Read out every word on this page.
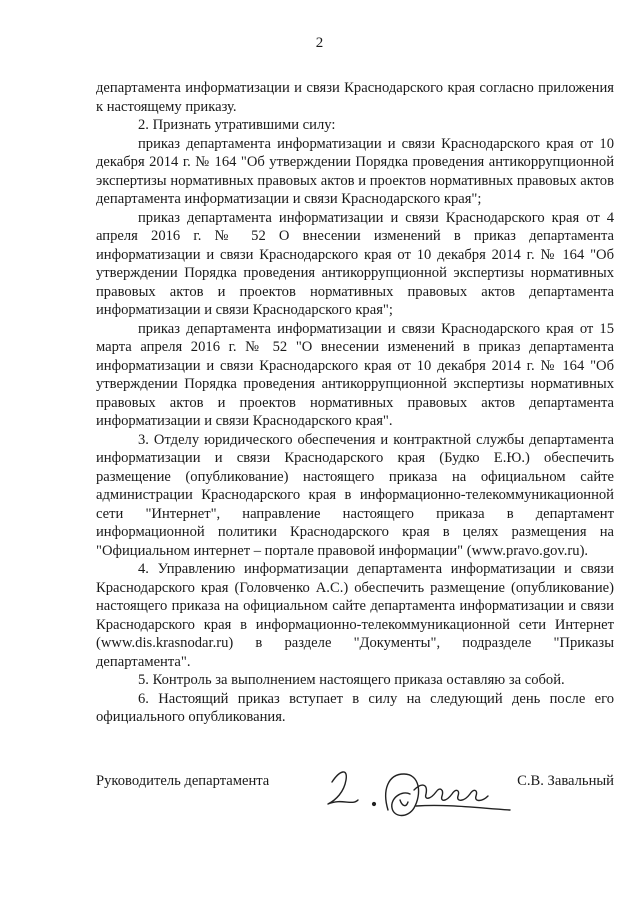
2

департамента информатизации и связи Краснодарского края согласно приложения к настоящему приказу.

2. Признать утратившими силу:

приказ департамента информатизации и связи Краснодарского края от 10 декабря 2014 г. № 164 "Об утверждении Порядка проведения антикоррупционной экспертизы нормативных правовых актов и проектов нормативных правовых актов департамента информатизации и связи Краснодарского края";

приказ департамента информатизации и связи Краснодарского края от 4 апреля 2016 г. № 52 О внесении изменений в приказ департамента информатизации и связи Краснодарского края от 10 декабря 2014 г. № 164 "Об утверждении Порядка проведения антикоррупционной экспертизы нормативных правовых актов и проектов нормативных правовых актов департамента информатизации и связи Краснодарского края";

приказ департамента информатизации и связи Краснодарского края от 15 марта апреля 2016 г. № 52 "О внесении изменений в приказ департамента информатизации и связи Краснодарского края от 10 декабря 2014 г. № 164 "Об утверждении Порядка проведения антикоррупционной экспертизы нормативных правовых актов и проектов нормативных правовых актов департамента информатизации и связи Краснодарского края".

3. Отделу юридического обеспечения и контрактной службы департамента информатизации и связи Краснодарского края (Будко Е.Ю.) обеспечить размещение (опубликование) настоящего приказа на официальном сайте администрации Краснодарского края в информационно-телекоммуникационной сети "Интернет", направление настоящего приказа в департамент информационной политики Краснодарского края в целях размещения на "Официальном интернет – портале правовой информации" (www.pravo.gov.ru).

4. Управлению информатизации департамента информатизации и связи Краснодарского края (Головченко А.С.) обеспечить размещение (опубликование) настоящего приказа на официальном сайте департамента информатизации и связи Краснодарского края в информационно-телекоммуникационной сети Интернет (www.dis.krasnodar.ru) в разделе "Документы", подразделе "Приказы департамента".

5. Контроль за выполнением настоящего приказа оставляю за собой.

6. Настоящий приказ вступает в силу на следующий день после его официального опубликования.

Руководитель департамента	С.В. Завальный
